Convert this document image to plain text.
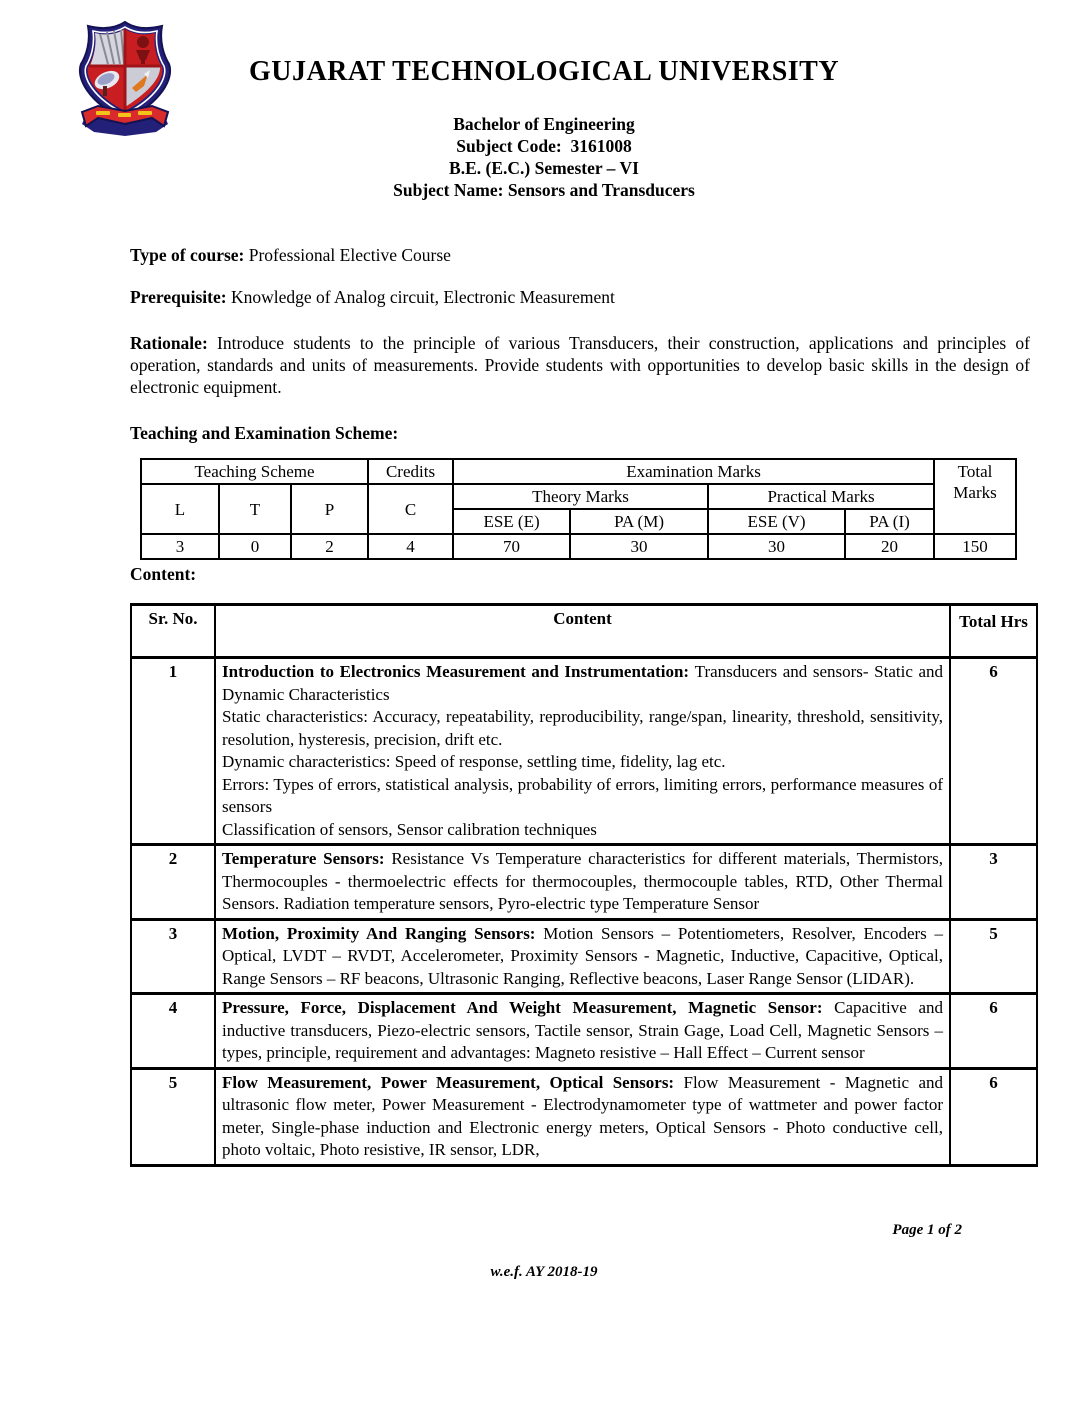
GUJARAT TECHNOLOGICAL UNIVERSITY
Bachelor of Engineering
Subject Code:  3161008
B.E. (E.C.) Semester – VI
Subject Name: Sensors and Transducers
Type of course: Professional Elective Course
Prerequisite: Knowledge of Analog circuit, Electronic Measurement
Rationale: Introduce students to the principle of various Transducers, their construction, applications and principles of operation, standards and units of measurements. Provide students with opportunities to develop basic skills in the design of electronic equipment.
Teaching and Examination Scheme:
Teaching Scheme			Credits	Examination Marks				Total Marks
L	T	P	C	Theory Marks		Practical Marks		
				ESE (E)	PA (M)	ESE (V)	PA (I)	
3	0	2	4	70	30	30	20	150
Content:
Sr. No.	Content	Total Hrs
1	Introduction to Electronics Measurement and Instrumentation: Transducers and sensors- Static and Dynamic Characteristics
Static characteristics: Accuracy, repeatability, reproducibility, range/span, linearity, threshold, sensitivity, resolution, hysteresis, precision, drift etc.
Dynamic characteristics: Speed of response, settling time, fidelity, lag etc.
Errors: Types of errors, statistical analysis, probability of errors, limiting errors, performance measures of sensors
Classification of sensors, Sensor calibration techniques	6
2	Temperature Sensors: Resistance Vs Temperature characteristics for different materials, Thermistors, Thermocouples - thermoelectric effects for thermocouples, thermocouple tables, RTD, Other Thermal Sensors. Radiation temperature sensors, Pyro-electric type Temperature Sensor	3
3	Motion, Proximity And Ranging Sensors: Motion Sensors – Potentiometers, Resolver, Encoders – Optical, LVDT – RVDT, Accelerometer, Proximity Sensors - Magnetic, Inductive, Capacitive, Optical, Range Sensors – RF beacons, Ultrasonic Ranging, Reflective beacons, Laser Range Sensor (LIDAR).	5
4	Pressure, Force, Displacement And Weight Measurement, Magnetic Sensor: Capacitive and inductive transducers, Piezo-electric sensors, Tactile sensor, Strain Gage, Load Cell, Magnetic Sensors –types, principle, requirement and advantages: Magneto resistive – Hall Effect – Current sensor	6
5	Flow Measurement, Power Measurement, Optical Sensors: Flow Measurement - Magnetic and ultrasonic flow meter, Power Measurement - Electrodynamometer type of wattmeter and power factor meter, Single-phase induction and Electronic energy meters, Optical Sensors - Photo conductive cell, photo voltaic, Photo resistive, IR sensor, LDR,	6
Page 1 of 2
w.e.f. AY 2018-19
